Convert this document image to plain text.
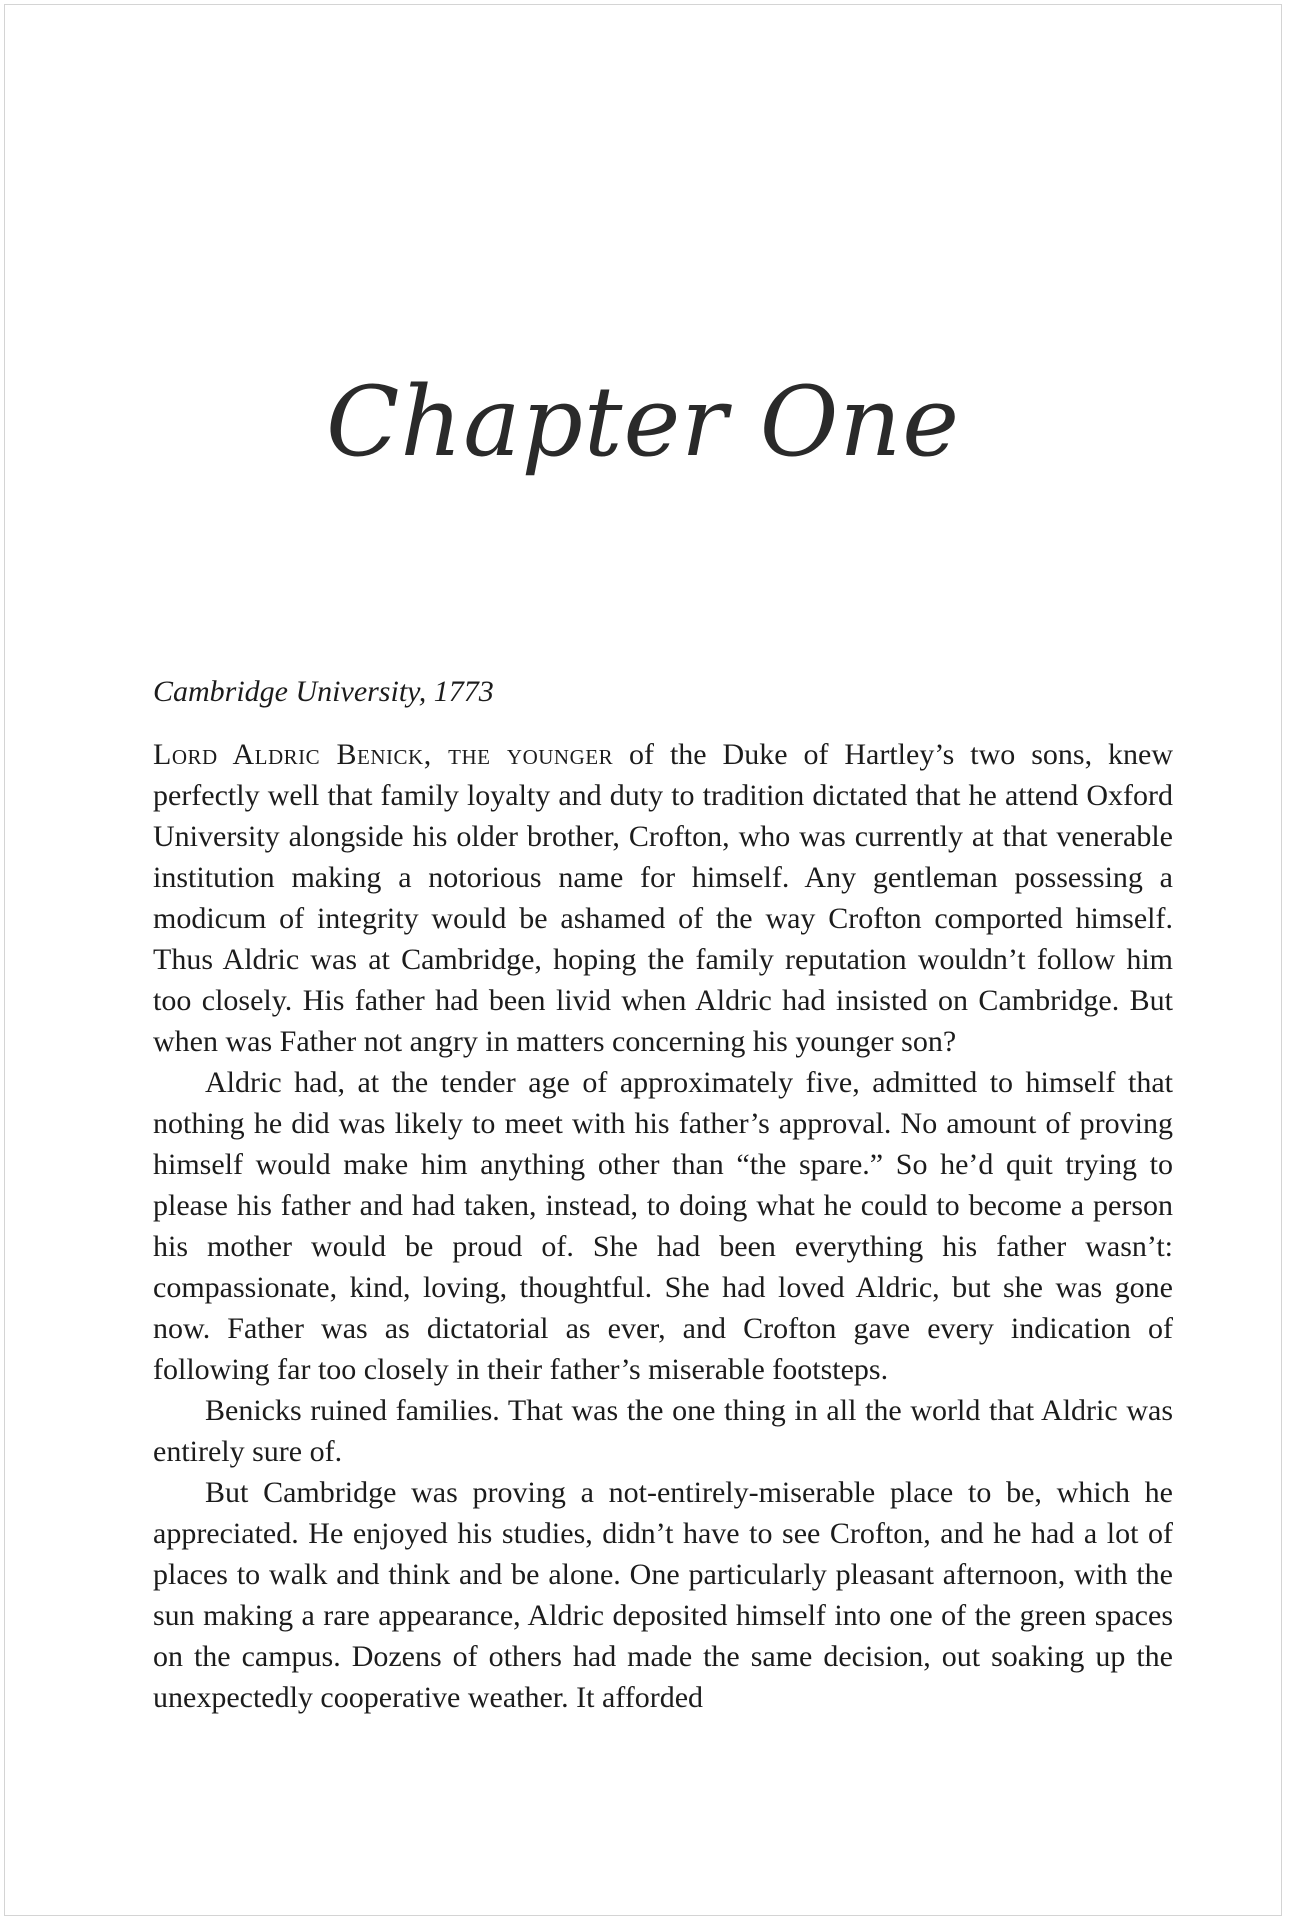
Chapter One

Cambridge University, 1773

Lord Aldric Benick, the younger of the Duke of Hartley’s two sons, knew perfectly well that family loyalty and duty to tradition dictated that he attend Oxford University alongside his older brother, Crofton, who was currently at that venerable institution making a notorious name for himself. Any gentleman possessing a modicum of integrity would be ashamed of the way Crofton comported himself. Thus Aldric was at Cambridge, hoping the family reputation wouldn’t follow him too closely. His father had been livid when Aldric had insisted on Cambridge. But when was Father not angry in matters concerning his younger son?

Aldric had, at the tender age of approximately five, admitted to himself that nothing he did was likely to meet with his father’s approval. No amount of proving himself would make him anything other than “the spare.” So he’d quit trying to please his father and had taken, instead, to doing what he could to become a person his mother would be proud of. She had been everything his father wasn’t: compassionate, kind, loving, thoughtful. She had loved Aldric, but she was gone now. Father was as dictatorial as ever, and Crofton gave every indication of following far too closely in their father’s miserable footsteps.

Benicks ruined families. That was the one thing in all the world that Aldric was entirely sure of.

But Cambridge was proving a not-entirely-miserable place to be, which he appreciated. He enjoyed his studies, didn’t have to see Crofton, and he had a lot of places to walk and think and be alone. One particularly pleasant afternoon, with the sun making a rare appearance, Aldric deposited himself into one of the green spaces on the campus. Dozens of others had made the same decision, out soaking up the unexpectedly cooperative weather. It afforded
